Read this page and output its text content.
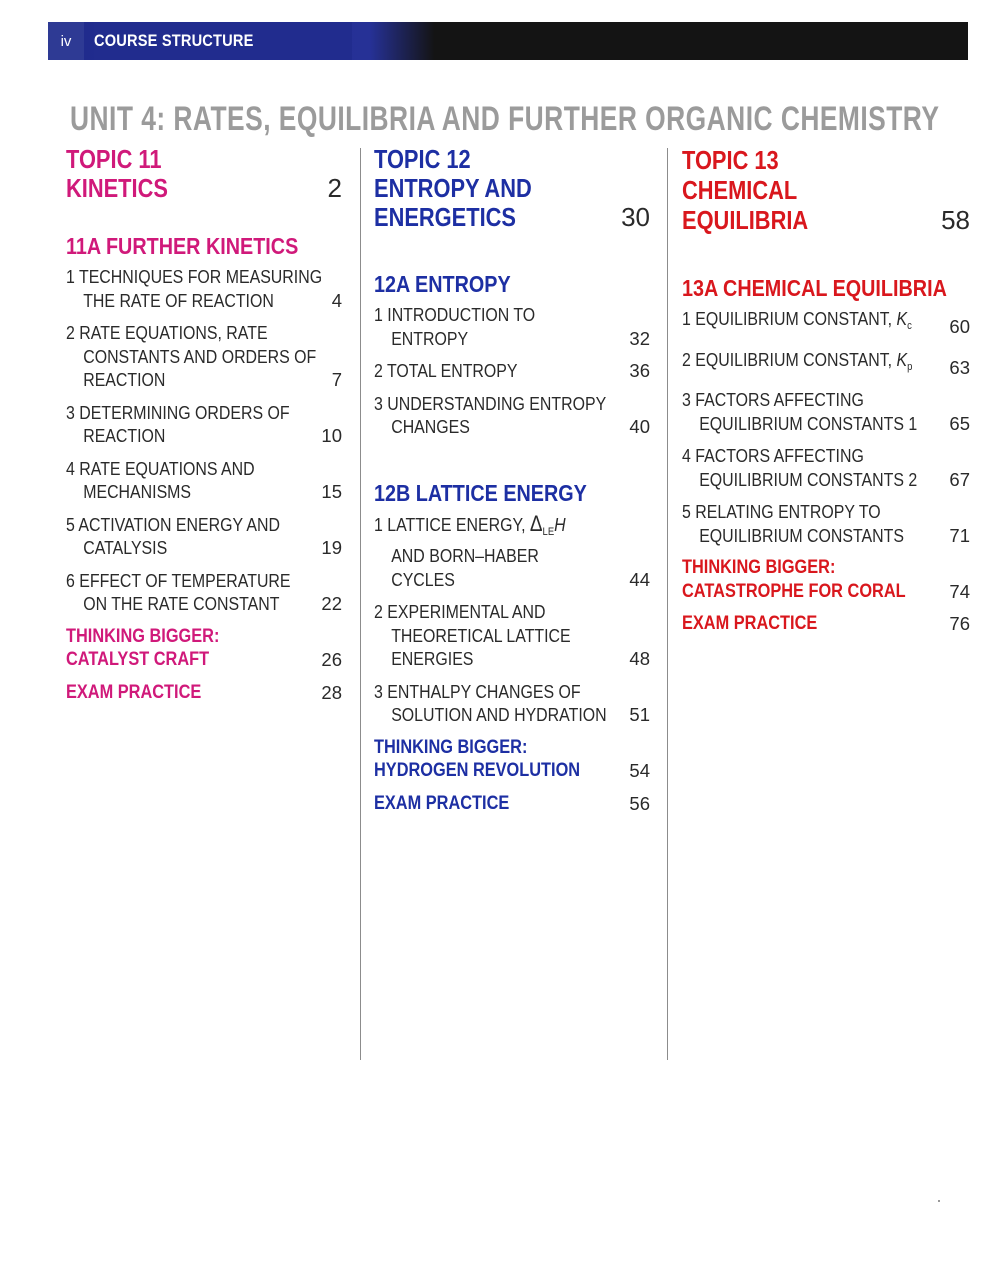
iv	COURSE STRUCTURE
UNIT 4: RATES, EQUILIBRIA AND FURTHER ORGANIC CHEMISTRY
TOPIC 11
KINETICS	2
11A FURTHER KINETICS
1 TECHNIQUES FOR MEASURING
THE RATE OF REACTION	4
2 RATE EQUATIONS, RATE
CONSTANTS AND ORDERS OF
REACTION	7
3 DETERMINING ORDERS OF
REACTION	10
4 RATE EQUATIONS AND
MECHANISMS	15
5 ACTIVATION ENERGY AND
CATALYSIS	19
6 EFFECT OF TEMPERATURE
ON THE RATE CONSTANT	22
THINKING BIGGER:
CATALYST CRAFT	26
EXAM PRACTICE	28
TOPIC 12
ENTROPY AND
ENERGETICS	30
12A ENTROPY
1 INTRODUCTION TO
ENTROPY	32
2 TOTAL ENTROPY	36
3 UNDERSTANDING ENTROPY
CHANGES	40
12B LATTICE ENERGY
1 LATTICE ENERGY, $\Delta_{LE}H$
AND BORN–HABER
CYCLES	44
2 EXPERIMENTAL AND
THEORETICAL LATTICE
ENERGIES	48
3 ENTHALPY CHANGES OF
SOLUTION AND HYDRATION 51
THINKING BIGGER:
HYDROGEN REVOLUTION	54
EXAM PRACTICE	56
TOPIC 13
CHEMICAL
EQUILIBRIA	58
13A CHEMICAL EQUILIBRIA
1 EQUILIBRIUM CONSTANT, $K_c$	60
2 EQUILIBRIUM CONSTANT, $K_p$	63
3 FACTORS AFFECTING
EQUILIBRIUM CONSTANTS 1	65
4 FACTORS AFFECTING
EQUILIBRIUM CONSTANTS 2	67
5 RELATING ENTROPY TO
EQUILIBRIUM CONSTANTS	71
THINKING BIGGER:
CATASTROPHE FOR CORAL	74
EXAM PRACTICE	76
